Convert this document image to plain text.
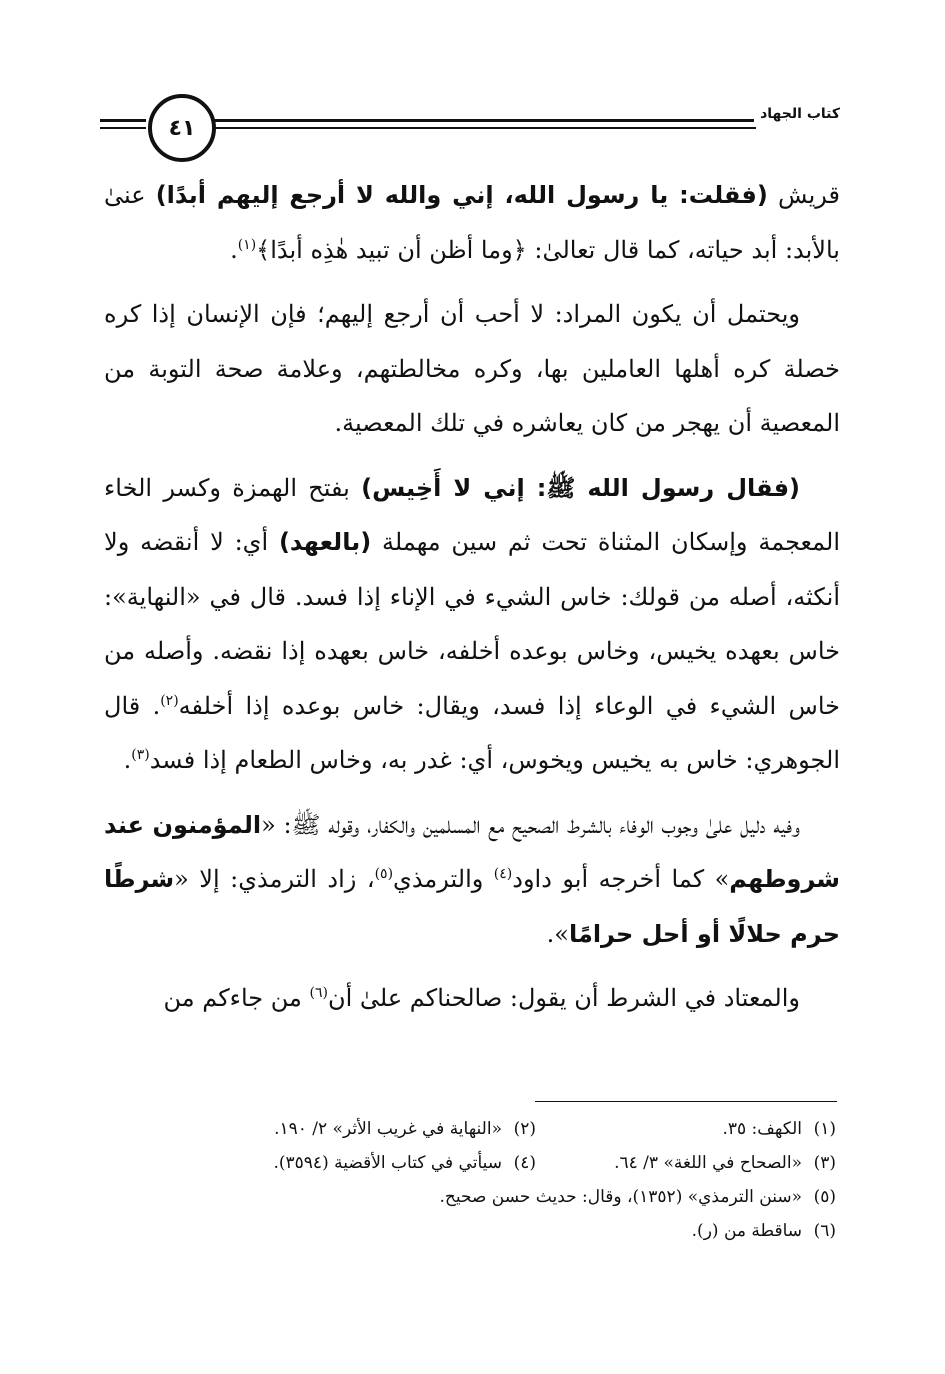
٤١
كتاب الجهاد

قريش (فقلت: يا رسول الله، إني والله لا أرجع إليهم أبدًا) عنىٰ بالأبد: أبد حياته، كما قال تعالىٰ: ﴿وما أظن أن تبيد هٰذِه أبدًا﴾$^{(١)}$.

ويحتمل أن يكون المراد: لا أحب أن أرجع إليهم؛ فإن الإنسان إذا كره خصلة كره أهلها العاملين بها، وكره مخالطتهم، وعلامة صحة التوبة من المعصية أن يهجر من كان يعاشره في تلك المعصية.

(فقال رسول الله ﷺ: إني لا أَخِيس) بفتح الهمزة وكسر الخاء المعجمة وإسكان المثناة تحت ثم سين مهملة (بالعهد) أي: لا أنقضه ولا أنكثه، أصله من قولك: خاس الشيء في الإناء إذا فسد. قال في «النهاية»: خاس بعهده يخيس، وخاس بوعده أخلفه، خاس بعهده إذا نقضه. وأصله من خاس الشيء في الوعاء إذا فسد، ويقال: خاس بوعده إذا أخلفه$^{(٢)}$. قال الجوهري: خاس به يخيس ويخوس، أي: غدر به، وخاس الطعام إذا فسد$^{(٣)}$.

وفيه دليل علىٰ وجوب الوفاء بالشرط الصحيح مع المسلمين والكفار، وقوله ﷺ: «المؤمنون عند شروطهم» كما أخرجه أبو داود$^{(٤)}$ والترمذي$^{(٥)}$، زاد الترمذي: إلا «شرطًا حرم حلالًا أو أحل حرامًا».

والمعتاد في الشرط أن يقول: صالحناكم علىٰ أن$^{(٦)}$ من جاءكم من

(١)الكهف: ٣٥.
(٢)«النهاية في غريب الأثر» ٢/ ١٩٠.
(٣)«الصحاح في اللغة» ٣/ ٦٤.
(٤)سيأتي في كتاب الأقضية (٣٥٩٤).
(٥)«سنن الترمذي» (١٣٥٢)، وقال: حديث حسن صحيح.
(٦)ساقطة من (ر).
